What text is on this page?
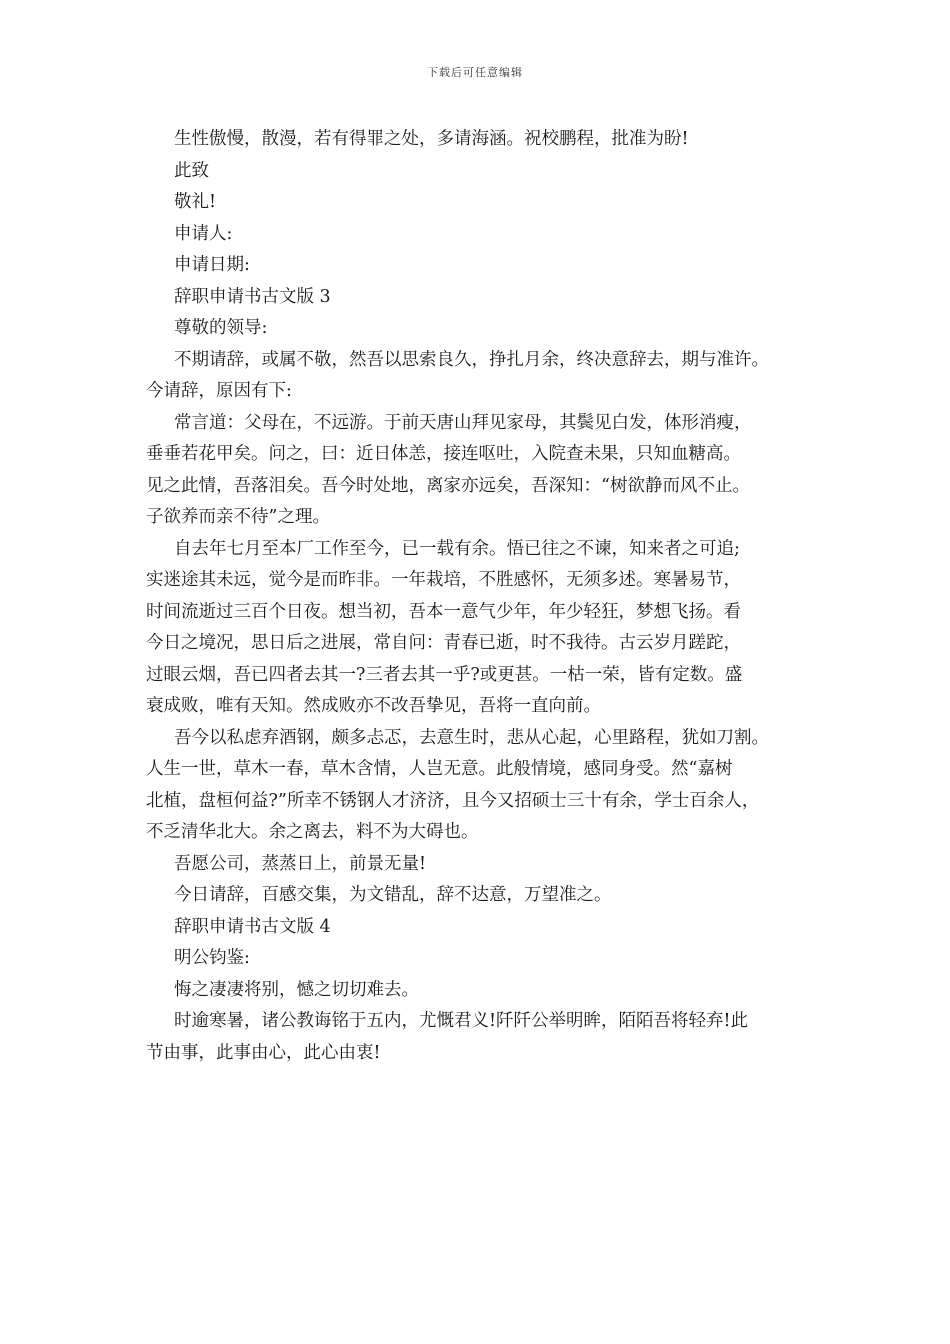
下载后可任意编辑

生性傲慢，散漫，若有得罪之处，多请海涵。祝校鹏程，批准为盼!

此致

敬礼!

申请人:

申请日期:

辞职申请书古文版 3

尊敬的领导:

不期请辞，或属不敬，然吾以思索良久，挣扎月余，终决意辞去，期与准许。

今请辞，原因有下:

常言道：父母在，不远游。于前天唐山拜见家母，其鬓见白发，体形消瘦，

垂垂若花甲矣。问之，曰：近日体恙，接连呕吐，入院查未果，只知血糖高。

见之此情，吾落泪矣。吾今时处地，离家亦远矣，吾深知：“树欲静而风不止。

子欲养而亲不待”之理。

自去年七月至本厂工作至今，已一载有余。悟已往之不谏，知来者之可追;

实迷途其未远，觉今是而昨非。一年栽培，不胜感怀，无须多述。寒暑易节，

时间流逝过三百个日夜。想当初，吾本一意气少年，年少轻狂，梦想飞扬。看

今日之境况，思日后之进展，常自问：青春已逝，时不我待。古云岁月蹉跎，

过眼云烟，吾已四者去其一?三者去其一乎?或更甚。一枯一荣，皆有定数。盛

衰成败，唯有天知。然成败亦不改吾挚见，吾将一直向前。

吾今以私虑弃酒钢，颇多忐忑，去意生时，悲从心起，心里路程，犹如刀割。

人生一世，草木一春，草木含情，人岂无意。此般情境，感同身受。然“嘉树

北植，盘桓何益?”所幸不锈钢人才济济，且今又招硕士三十有余，学士百余人，

不乏清华北大。余之离去，料不为大碍也。

吾愿公司，蒸蒸日上，前景无量!

今日请辞，百感交集，为文错乱，辞不达意，万望准之。

辞职申请书古文版 4

明公钧鉴:

悔之凄凄将别，憾之切切难去。

时逾寒暑，诸公教诲铭于五内，尤慨君义!阡阡公举明眸，陌陌吾将轻弃!此

节由事，此事由心，此心由衷!
